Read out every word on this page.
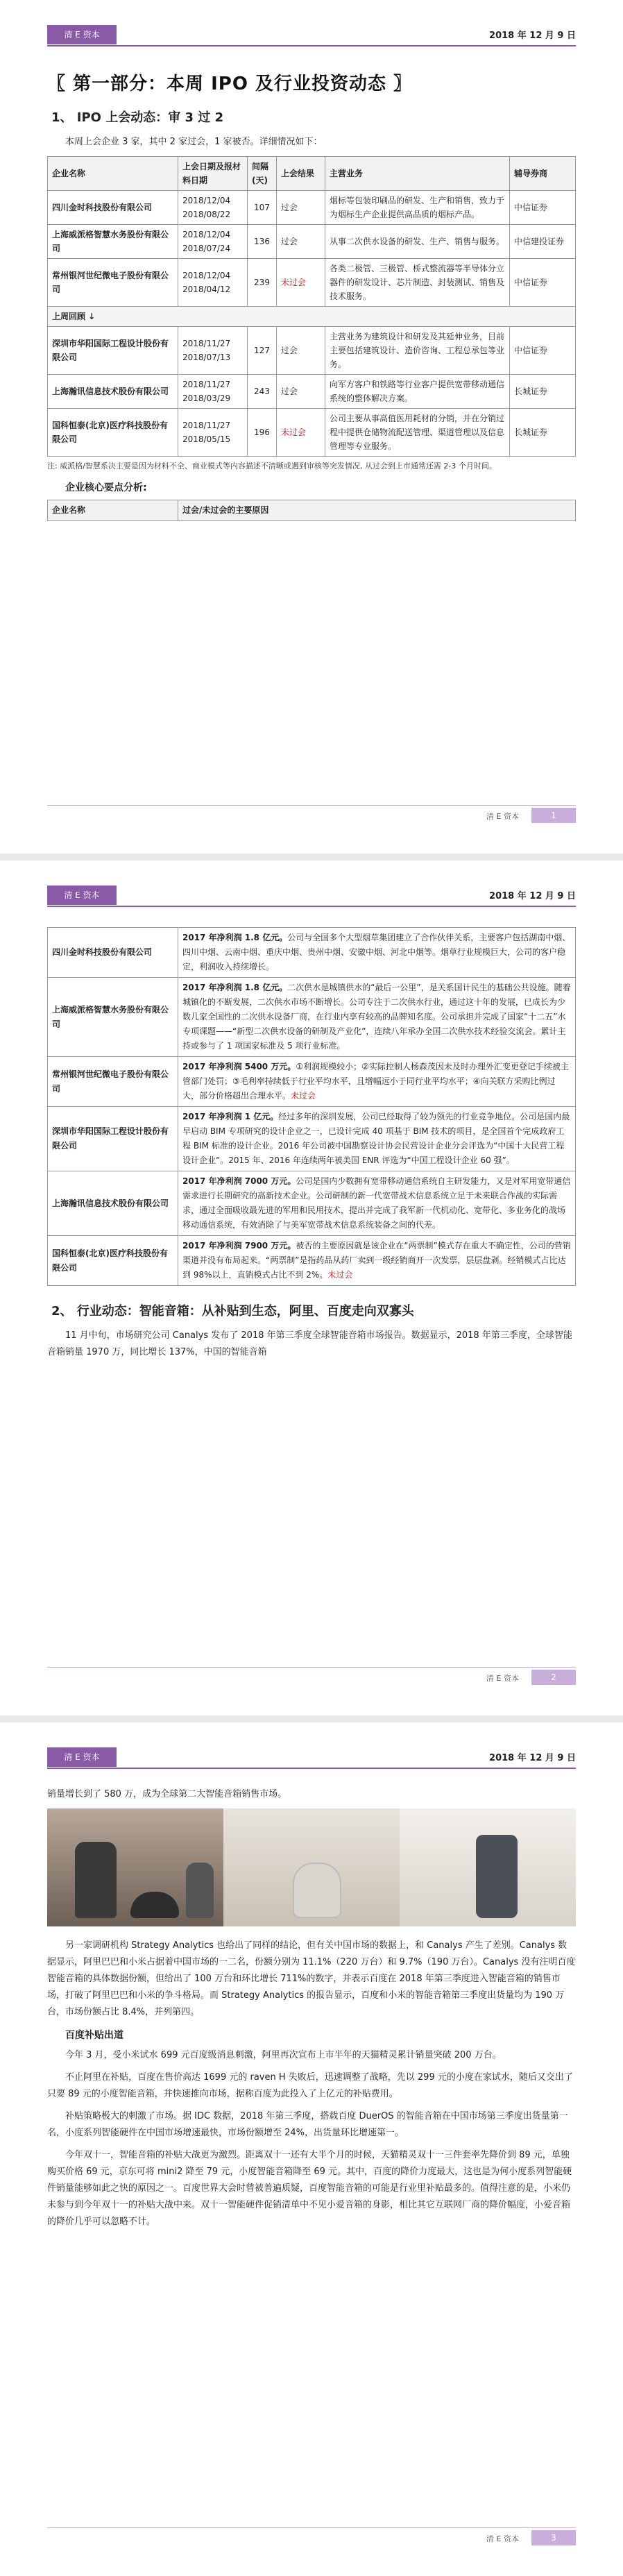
清 E 资本	2018 年 12 月 9 日
〖 第一部分：本周 IPO 及行业投资动态 〗
1、 IPO 上会动态：审 3 过 2
本周上会企业 3 家，其中 2 家过会，1 家被否。详细情况如下：
企业名称	上会日期及报材料日期	间隔(天)	上会结果	主营业务	辅导券商
四川金时科技股份有限公司	2018/12/04
2018/08/22	107	过会	烟标等包装印刷品的研发、生产和销售，致力于为烟标生产企业提供高品质的烟标产品。	中信证券
上海威派格智慧水务股份有限公司	2018/12/04
2018/07/24	136	过会	从事二次供水设备的研发、生产、销售与服务。	中信建投证券
常州银河世纪微电子股份有限公司	2018/12/04
2018/04/12	239	未过会	各类二极管、三极管、桥式整流器等半导体分立器件的研发设计、芯片制造、封装测试、销售及技术服务。	中信证券
上周回顾 ↓					
深圳市华阳国际工程设计股份有限公司	2018/11/27
2018/07/13	127	过会	主营业务为建筑设计和研发及其延伸业务，目前主要包括建筑设计、造价咨询、工程总承包等业务。	中信证券
上海瀚讯信息技术股份有限公司	2018/11/27
2018/03/29	243	过会	向军方客户和铁路等行业客户提供宽带移动通信系统的整体解决方案。	长城证券
国科恒泰(北京)医疗科技股份有限公司	2018/11/27
2018/05/15	196	未过会	公司主要从事高值医用耗材的分销，并在分销过程中提供仓储物流配送管理、渠道管理以及信息管理等专业服务。	长城证券
注: 威派格/智慧系决主要是因为材料不全、商业模式等内容描述不清晰或遇到审核等突发情况, 从过会到上市通常还需 2-3 个月时间。
企业核心要点分析:
企业名称	过会/未过会的主要原因
清 E 资本	1
清 E 资本	2018 年 12 月 9 日
四川金时科技股份有限公司	2017 年净利润 1.8 亿元。公司与全国多个大型烟草集团建立了合作伙伴关系，主要客户包括湖南中烟、四川中烟、云南中烟、重庆中烟、贵州中烟、安徽中烟、河北中烟等。烟草行业规模巨大，公司的客户稳定，利润收入持续增长。
上海威派格智慧水务股份有限公司	2017 年净利润 1.8 亿元。二次供水是城镇供水的“最后一公里”，是关系国计民生的基础公共设施。随着城镇化的不断发展，二次供水市场不断增长。公司专注于二次供水行业，通过这十年的发展，已成长为少数几家全国性的二次供水设备厂商，在行业内享有较高的品牌知名度。公司承担并完成了国家“十二五”水专项课题——“新型二次供水设备的研制及产业化”，连续八年承办全国二次供水技术经验交流会。累计主持或参与了 1 项国家标准及 5 项行业标准。
常州银河世纪微电子股份有限公司	2017 年净利润 5400 万元。①利润规模较小；②实际控制人杨森茂因未及时办理外汇变更登记手续被主管部门处罚；③毛利率持续低于行业平均水平，且增幅远小于同行业平均水平；④向关联方采购比例过大，部分价格超出合理水平。未过会
深圳市华阳国际工程设计股份有限公司	2017 年净利润 1 亿元。经过多年的深圳发展，公司已经取得了较为领先的行业竞争地位。公司是国内最早启动 BIM 专项研究的设计企业之一，已设计完成 40 项基于 BIM 技术的项目，是全国首个完成政府工程 BIM 标准的设计企业。2016 年公司被中国勘察设计协会民营设计企业分会评选为“中国十大民营工程设计企业”。2015 年、2016 年连续两年被美国 ENR 评选为“中国工程设计企业 60 强”。
上海瀚讯信息技术股份有限公司	2017 年净利润 7000 万元。公司是国内少数拥有宽带移动通信系统自主研发能力，又是对军用宽带通信需求进行长期研究的高新技术企业。公司研制的新一代宽带战术信息系统立足于未来联合作战的实际需求，通过全面吸收最先进的军用和民用技术，提出并完成了我军新一代机动化、宽带化、多业务化的战场移动通信系统，有效消除了与美军宽带战术信息系统装备之间的代差。
国科恒泰(北京)医疗科技股份有限公司	2017 年净利润 7900 万元。被否的主要原因就是该企业在“两票制”模式存在重大不确定性，公司的营销渠道并没有布局起来。“两票制”是指药品从药厂卖到一级经销商开一次发票，层层盘剥。经销模式占比达到 98%以上，直销模式占比不到 2%。未过会
2、 行业动态：智能音箱：从补贴到生态，阿里、百度走向双寡头
11 月中旬，市场研究公司 Canalys 发布了 2018 年第三季度全球智能音箱市场报告。数据显示，2018 年第三季度，全球智能音箱销量 1970 万，同比增长 137%，中国的智能音箱
清 E 资本	2
清 E 资本	2018 年 12 月 9 日
销量增长到了 580 万，成为全球第二大智能音箱销售市场。
另一家调研机构 Strategy Analytics 也给出了同样的结论，但有关中国市场的数据上，和 Canalys 产生了差别。Canalys 数据显示，阿里巴巴和小米占据着中国市场的一二名，份额分别为 11.1%（220 万台）和 9.7%（190 万台）。Canalys 没有注明百度智能音箱的具体数据份额，但给出了 100 万台和环比增长 711%的数字，并表示百度在 2018 年第三季度进入智能音箱的销售市场，打破了阿里巴巴和小米的争斗格局。而 Strategy Analytics 的报告显示，百度和小米的智能音箱第三季度出货量均为 190 万台，市场份额占比 8.4%，并列第四。
百度补贴出道
今年 3 月，受小米试水 699 元百度级消息刺激，阿里再次宣布上市半年的天猫精灵累计销量突破 200 万台。
不止阿里在补贴，百度在售价高达 1699 元的 raven H 失败后，迅速调整了战略，先以 299 元的小度在家试水，随后又交出了只要 89 元的小度智能音箱，并快速推向市场，据称百度为此投入了上亿元的补贴费用。
补贴策略极大的刺激了市场。据 IDC 数据，2018 年第三季度，搭载百度 DuerOS 的智能音箱在中国市场第三季度出货量第一名，小度系列智能硬件在中国市场增速最快，市场份额增至 24%，出货量环比增速第一。
今年双十一，智能音箱的补贴大战更为激烈。距离双十一还有大半个月的时候，天猫精灵双十一三件套率先降价到 89 元，单独购买价格 69 元，京东可将 mini2 降至 79 元，小度智能音箱降至 69 元。其中，百度的降价力度最大，这也是为何小度系列智能硬件销量能够如此之快的原因之一。百度世界大会时曾被普遍质疑，百度智能音箱的可能是行业里补贴最多的。值得注意的是，小米仍未参与到今年双十一的补贴大战中来。双十一智能硬件促销清单中不见小爱音箱的身影，相比其它互联网厂商的降价幅度，小爱音箱的降价几乎可以忽略不计。
清 E 资本	3
